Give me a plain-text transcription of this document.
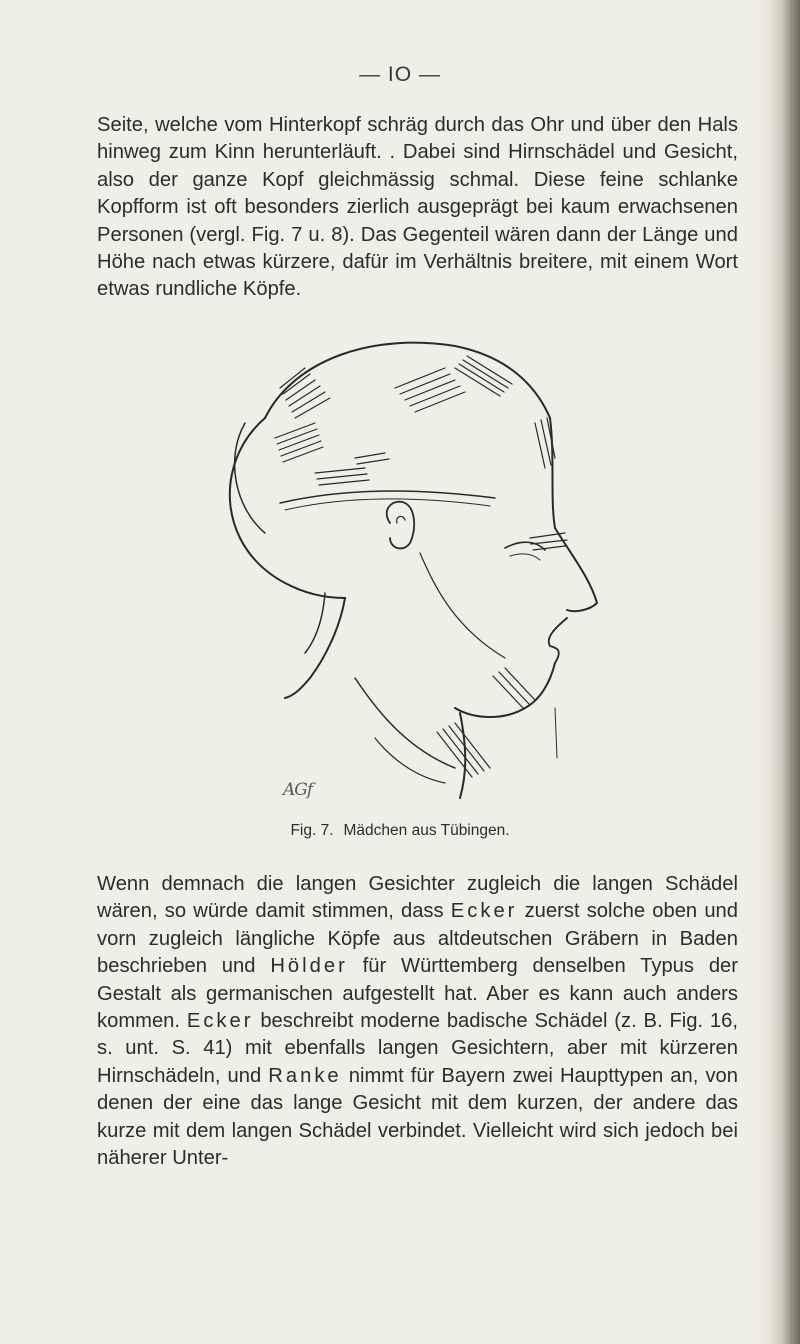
— IO —

Seite, welche vom Hinterkopf schräg durch das Ohr und über den Hals hinweg zum Kinn herunterläuft. . Dabei sind Hirnschädel und Gesicht, also der ganze Kopf gleichmässig schmal. Diese feine schlanke Kopfform ist oft besonders zierlich ausgeprägt bei kaum erwachsenen Personen (vergl. Fig. 7 u. 8). Das Gegenteil wären dann der Länge und Höhe nach etwas kürzere, dafür im Verhältnis breitere, mit einem Wort etwas rundliche Köpfe.

AGf
Fig. 7. Mädchen aus Tübingen.

Wenn demnach die langen Gesichter zugleich die langen Schädel wären, so würde damit stimmen, dass Ecker zuerst solche oben und vorn zugleich längliche Köpfe aus altdeutschen Gräbern in Baden beschrieben und Hölder für Württemberg denselben Typus der Gestalt als germanischen aufgestellt hat. Aber es kann auch anders kommen. Ecker beschreibt moderne badische Schädel (z. B. Fig. 16, s. unt. S. 41) mit ebenfalls langen Gesichtern, aber mit kürzeren Hirnschädeln, und Ranke nimmt für Bayern zwei Haupttypen an, von denen der eine das lange Gesicht mit dem kurzen, der andere das kurze mit dem langen Schädel verbindet. Vielleicht wird sich jedoch bei näherer Unter-
